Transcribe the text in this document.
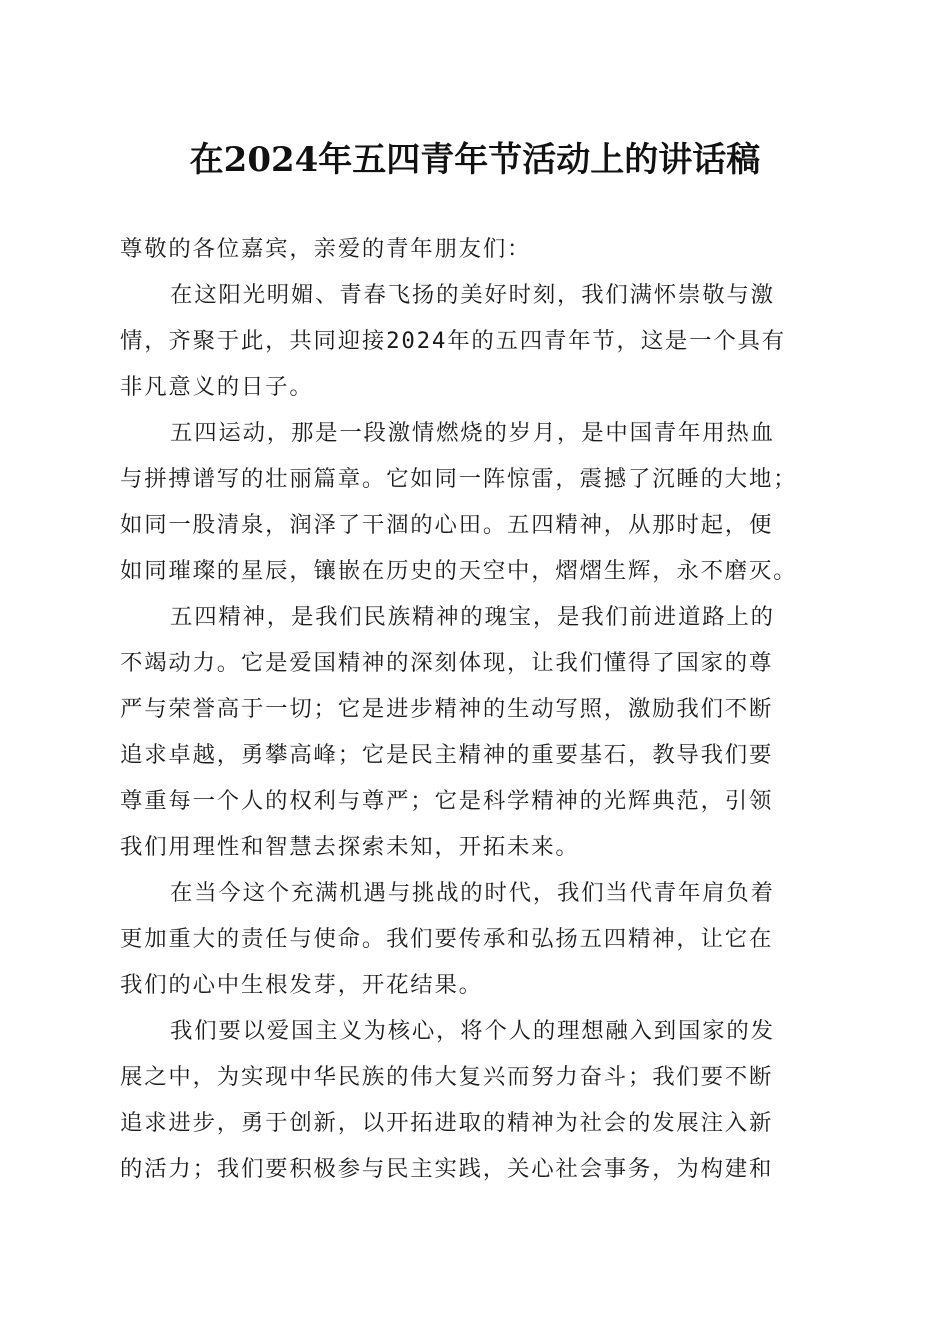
在2024年五四青年节活动上的讲话稿
尊敬的各位嘉宾，亲爱的青年朋友们：
在这阳光明媚、青春飞扬的美好时刻，我们满怀崇敬与激
情，齐聚于此，共同迎接2024年的五四青年节，这是一个具有
非凡意义的日子。
五四运动，那是一段激情燃烧的岁月，是中国青年用热血
与拼搏谱写的壮丽篇章。它如同一阵惊雷，震撼了沉睡的大地；
如同一股清泉，润泽了干涸的心田。五四精神，从那时起，便
如同璀璨的星辰，镶嵌在历史的天空中，熠熠生辉，永不磨灭。
五四精神，是我们民族精神的瑰宝，是我们前进道路上的
不竭动力。它是爱国精神的深刻体现，让我们懂得了国家的尊
严与荣誉高于一切；它是进步精神的生动写照，激励我们不断
追求卓越，勇攀高峰；它是民主精神的重要基石，教导我们要
尊重每一个人的权利与尊严；它是科学精神的光辉典范，引领
我们用理性和智慧去探索未知，开拓未来。
在当今这个充满机遇与挑战的时代，我们当代青年肩负着
更加重大的责任与使命。我们要传承和弘扬五四精神，让它在
我们的心中生根发芽，开花结果。
我们要以爱国主义为核心，将个人的理想融入到国家的发
展之中，为实现中华民族的伟大复兴而努力奋斗；我们要不断
追求进步，勇于创新，以开拓进取的精神为社会的发展注入新
的活力；我们要积极参与民主实践，关心社会事务，为构建和
